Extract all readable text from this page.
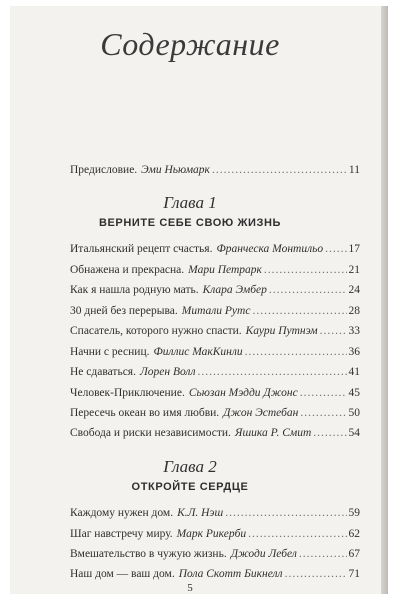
Содержание
Предисловие. Эми Ньюмарк .....	11
Глава 1
ВЕРНИТЕ СЕБЕ СВОЮ ЖИЗНЬ
Итальянский рецепт счастья. Франческа Монтильо ..... 17
Обнажена и прекрасна. Мари Петрарк .....	21
Как я нашла родную мать. Клара Эмбер .....	24
30 дней без перерыва. Митали Рутс .....	28
Спасатель, которого нужно спасти. Каури Путнэм .....	33
Начни с ресниц. Филлис МакКинли .....	36
Не сдаваться. Лорен Волл .....	41
Человек-Приключение. Сьюзан Мэдди Джонс .....	45
Пересечь океан во имя любви. Джон Эстебан .....	50
Свобода и риски независимости. Яшика Р. Смит .....	54
Глава 2
ОТКРОЙТЕ СЕРДЦЕ
Каждому нужен дом. К.Л. Нэш .....	59
Шаг навстречу миру. Марк Рикерби .....	62
Вмешательство в чужую жизнь. Джоди Лебел .....	67
Наш дом — ваш дом. Пола Скотт Бикнелл .....	71
5
